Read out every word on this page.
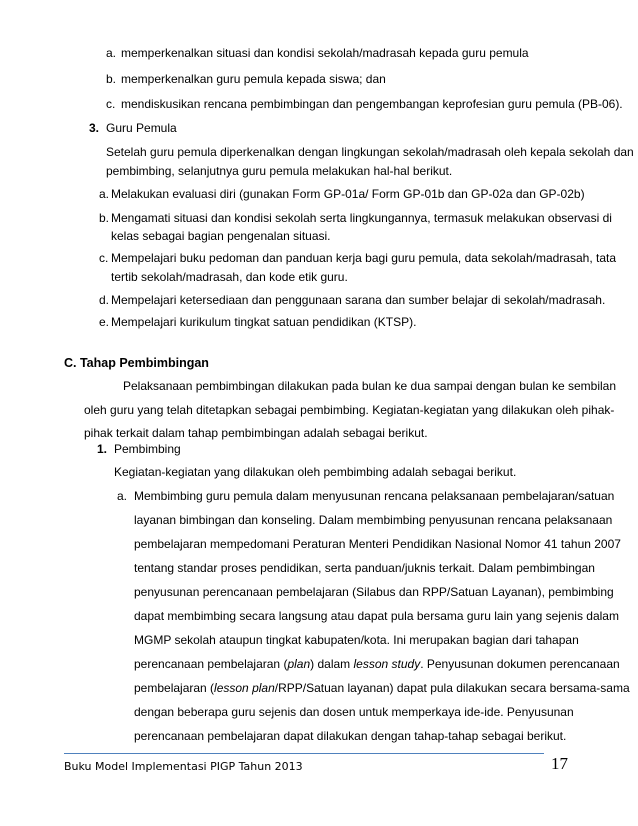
a. memperkenalkan situasi dan kondisi sekolah/madrasah kepada guru pemula
b. memperkenalkan guru pemula kepada siswa; dan
c. mendiskusikan rencana pembimbingan dan pengembangan keprofesian guru pemula (PB-06).
3. Guru Pemula
Setelah guru pemula diperkenalkan dengan lingkungan sekolah/madrasah oleh kepala sekolah dan
pembimbing, selanjutnya guru pemula melakukan hal-hal berikut.
a. Melakukan evaluasi diri (gunakan Form GP-01a/ Form GP-01b dan GP-02a dan GP-02b)
b. Mengamati situasi dan kondisi sekolah serta lingkungannya, termasuk melakukan observasi di
kelas sebagai bagian pengenalan situasi.
c. Mempelajari buku pedoman dan panduan kerja bagi guru pemula, data sekolah/madrasah, tata
tertib sekolah/madrasah, dan kode etik guru.
d. Mempelajari ketersediaan dan penggunaan sarana dan sumber belajar di sekolah/madrasah.
e. Mempelajari kurikulum tingkat satuan pendidikan (KTSP).
C. Tahap Pembimbingan
Pelaksanaan pembimbingan dilakukan pada bulan ke dua sampai dengan bulan ke sembilan
oleh guru yang telah ditetapkan sebagai pembimbing. Kegiatan-kegiatan yang dilakukan oleh pihak-
pihak terkait dalam tahap pembimbingan adalah sebagai berikut.
1. Pembimbing
Kegiatan-kegiatan yang dilakukan oleh pembimbing adalah sebagai berikut.
a. Membimbing guru pemula dalam menyusunan rencana pelaksanaan pembelajaran/satuan
layanan bimbingan dan konseling. Dalam membimbing penyusunan rencana pelaksanaan
pembelajaran mempedomani Peraturan Menteri Pendidikan Nasional Nomor 41 tahun 2007
tentang standar proses pendidikan, serta panduan/juknis terkait. Dalam pembimbingan
penyusunan perencanaan pembelajaran (Silabus dan RPP/Satuan Layanan), pembimbing
dapat membimbing secara langsung atau dapat pula bersama guru lain yang sejenis dalam
MGMP sekolah ataupun tingkat kabupaten/kota. Ini merupakan bagian dari tahapan
perencanaan pembelajaran (plan) dalam lesson study . Penyusunan dokumen perencanaan
pembelajaran (lesson plan/RPP/Satuan layanan) dapat pula dilakukan secara bersama-sama
dengan beberapa guru sejenis dan dosen untuk memperkaya ide-ide. Penyusunan
perencanaan pembelajaran dapat dilakukan dengan tahap-tahap sebagai berikut.
Buku Model Implementasi PIGP Tahun 2013	17
